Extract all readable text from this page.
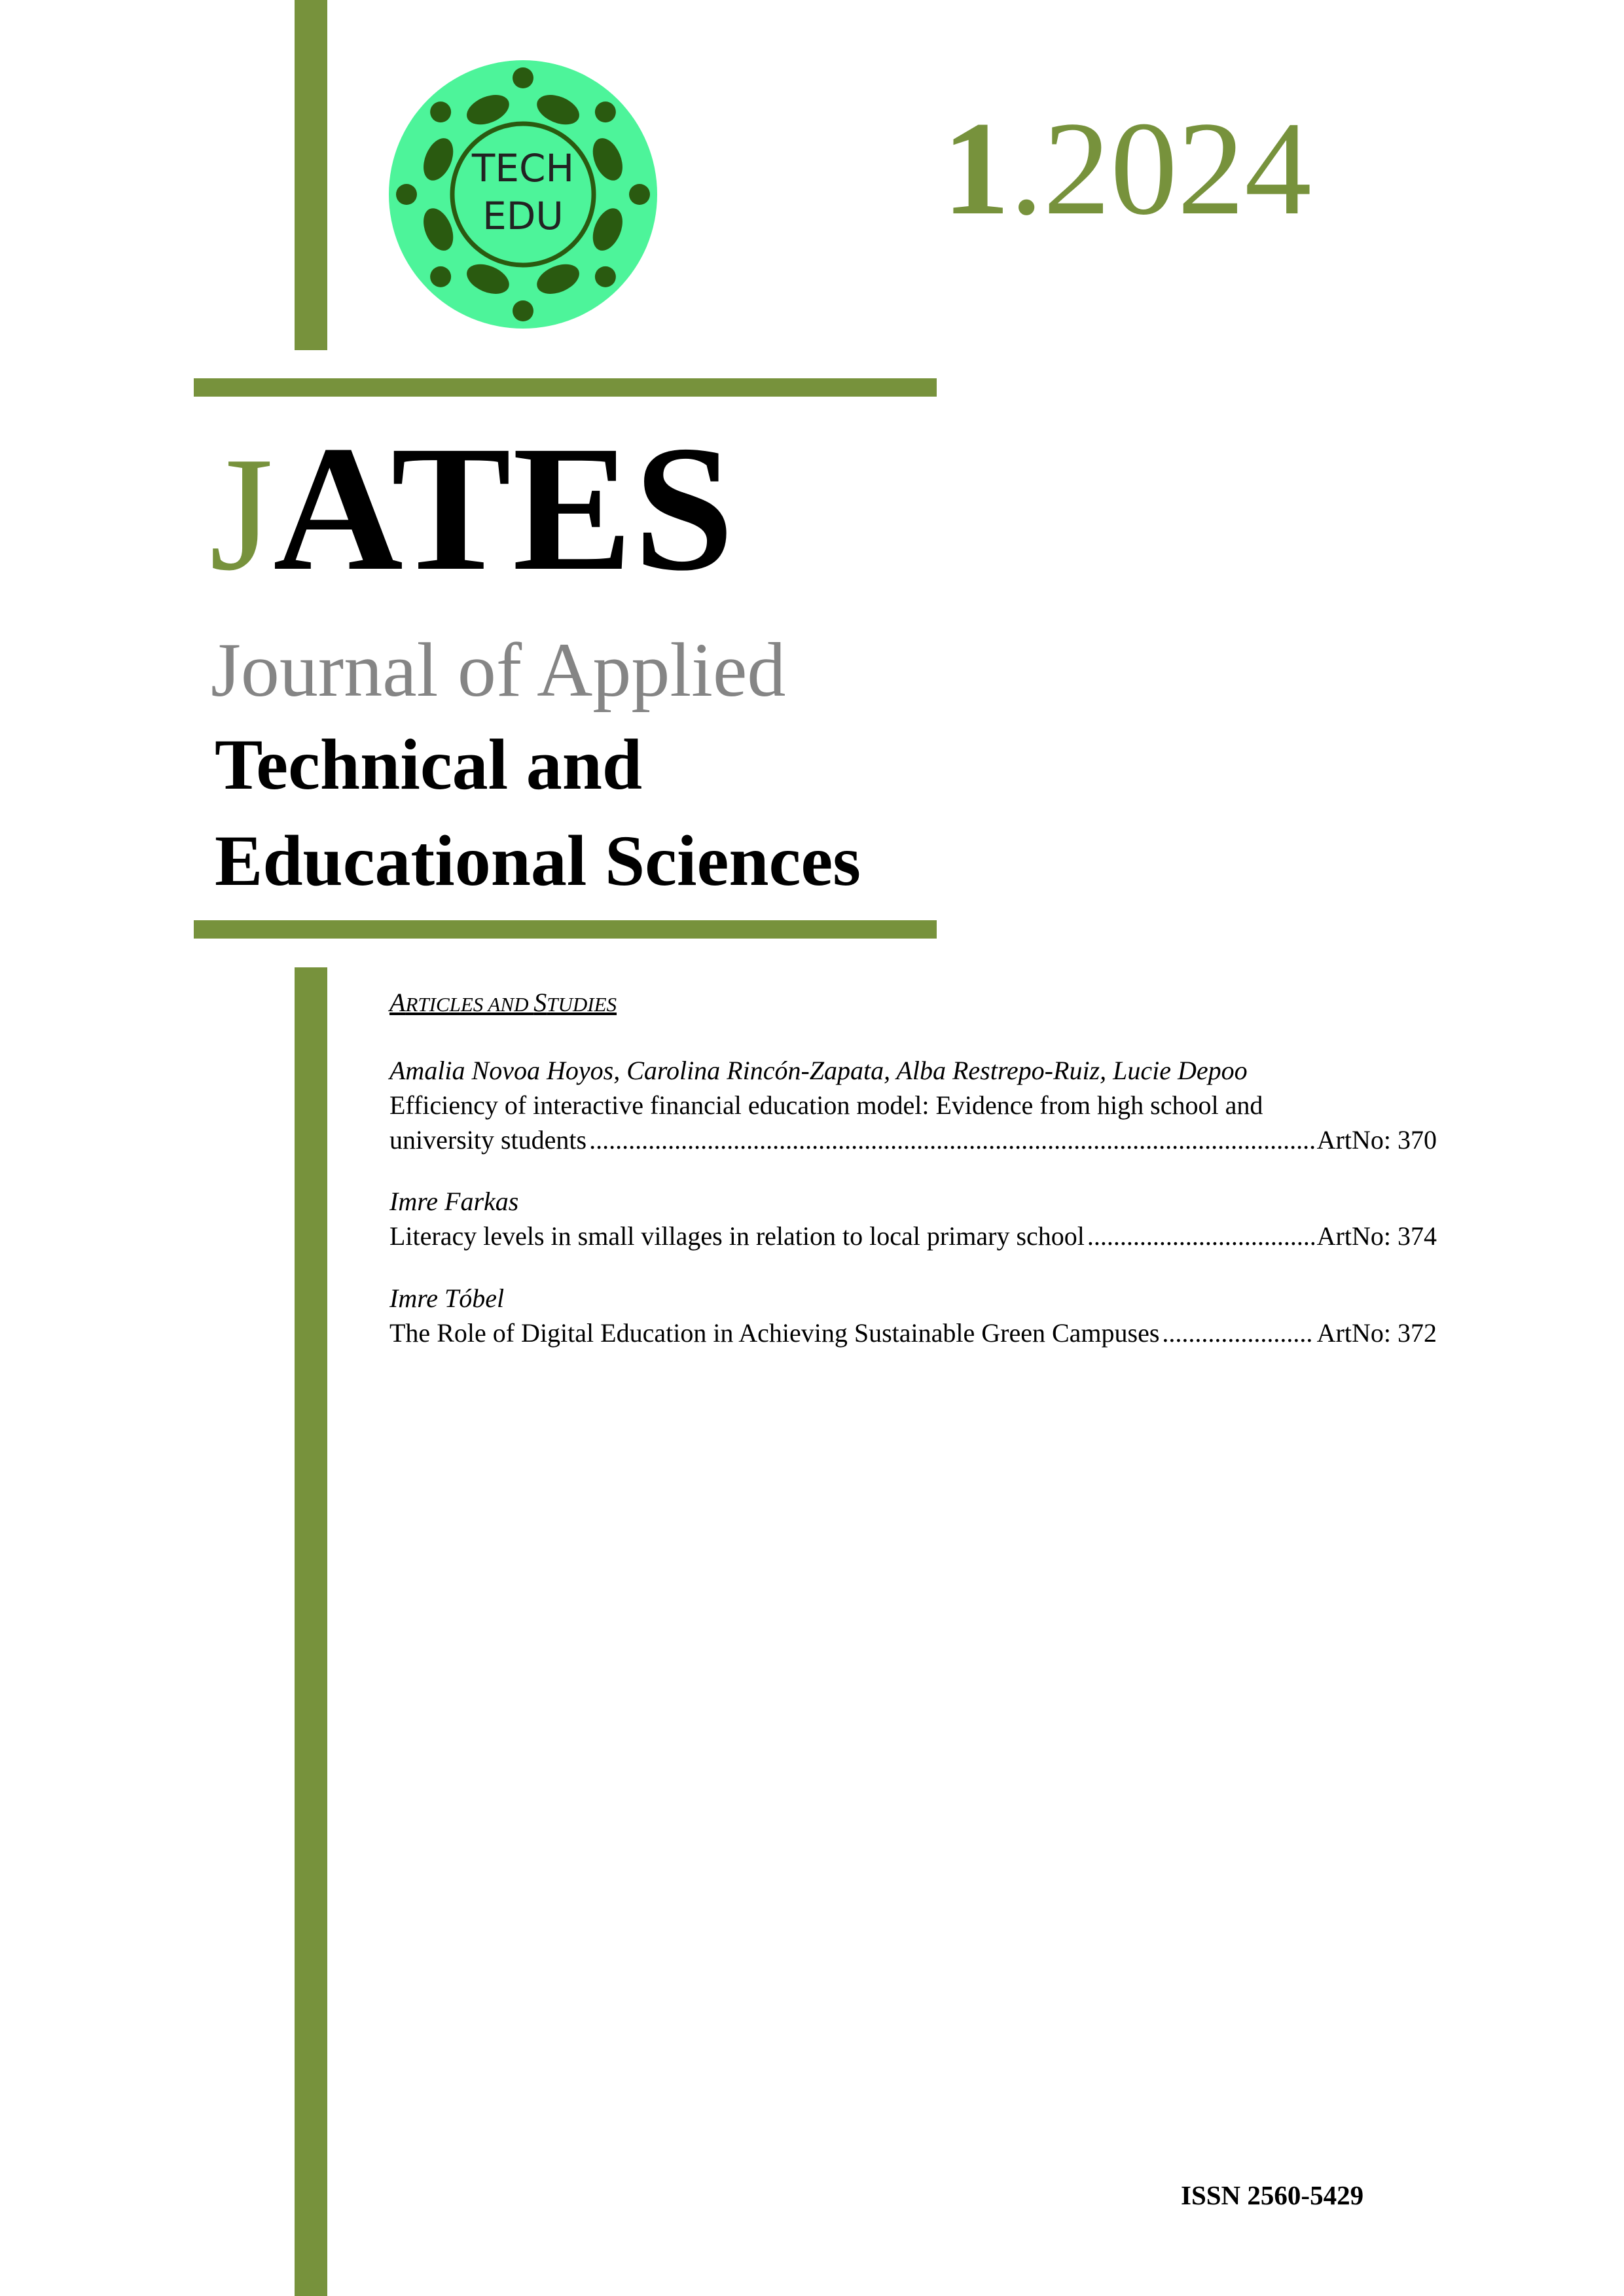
TECH
EDU	1.2024
JATES
Journal of Applied
Technical and
Educational Sciences
ARTICLES AND STUDIES
Amalia Novoa Hoyos, Carolina Rincón-Zapata, Alba Restrepo-Ruiz, Lucie Depoo
Efficiency of interactive financial education model: Evidence from high school and
university students .....	ArtNo: 370
Imre Farkas
Literacy levels in small villages in relation to local primary school .....	ArtNo: 374
Imre Tóbel
The Role of Digital Education in Achieving Sustainable Green Campuses .....	ArtNo: 372
ISSN 2560-5429
